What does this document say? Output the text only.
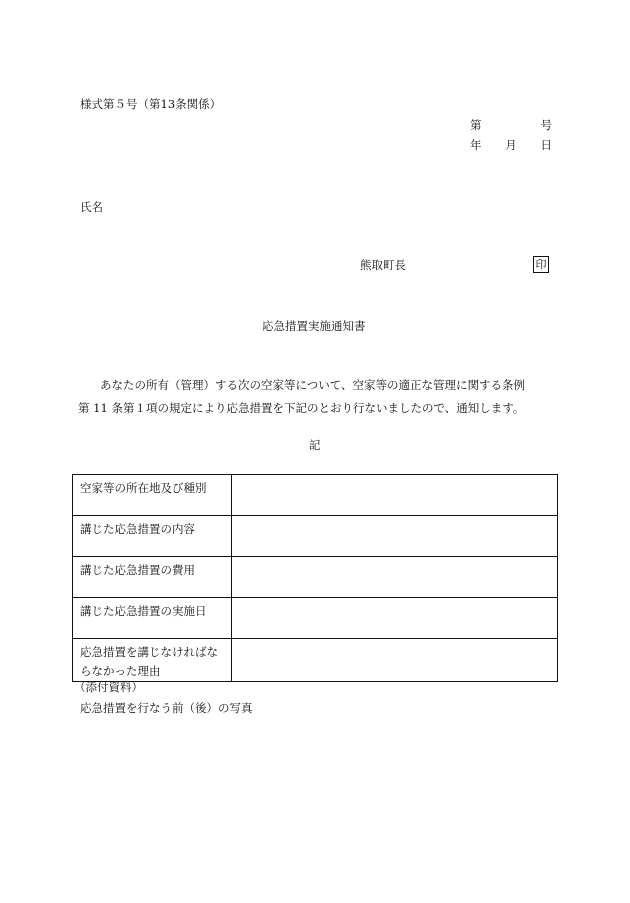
様式第５号（第13条関係）
第	号
年 月 日
氏名
熊取町長	印
応急措置実施通知書
あなたの所有（管理）する次の空家等について、空家等の適正な管理に関する条例
第 11 条第１項の規定により応急措置を下記のとおり行ないましたので、通知します。
記
空家等の所在地及び種別	
講じた応急措置の内容	
講じた応急措置の費用	
講じた応急措置の実施日	
応急措置を講じなければな
らなかった理由	
（添付資料）
応急措置を行なう前（後）の写真
